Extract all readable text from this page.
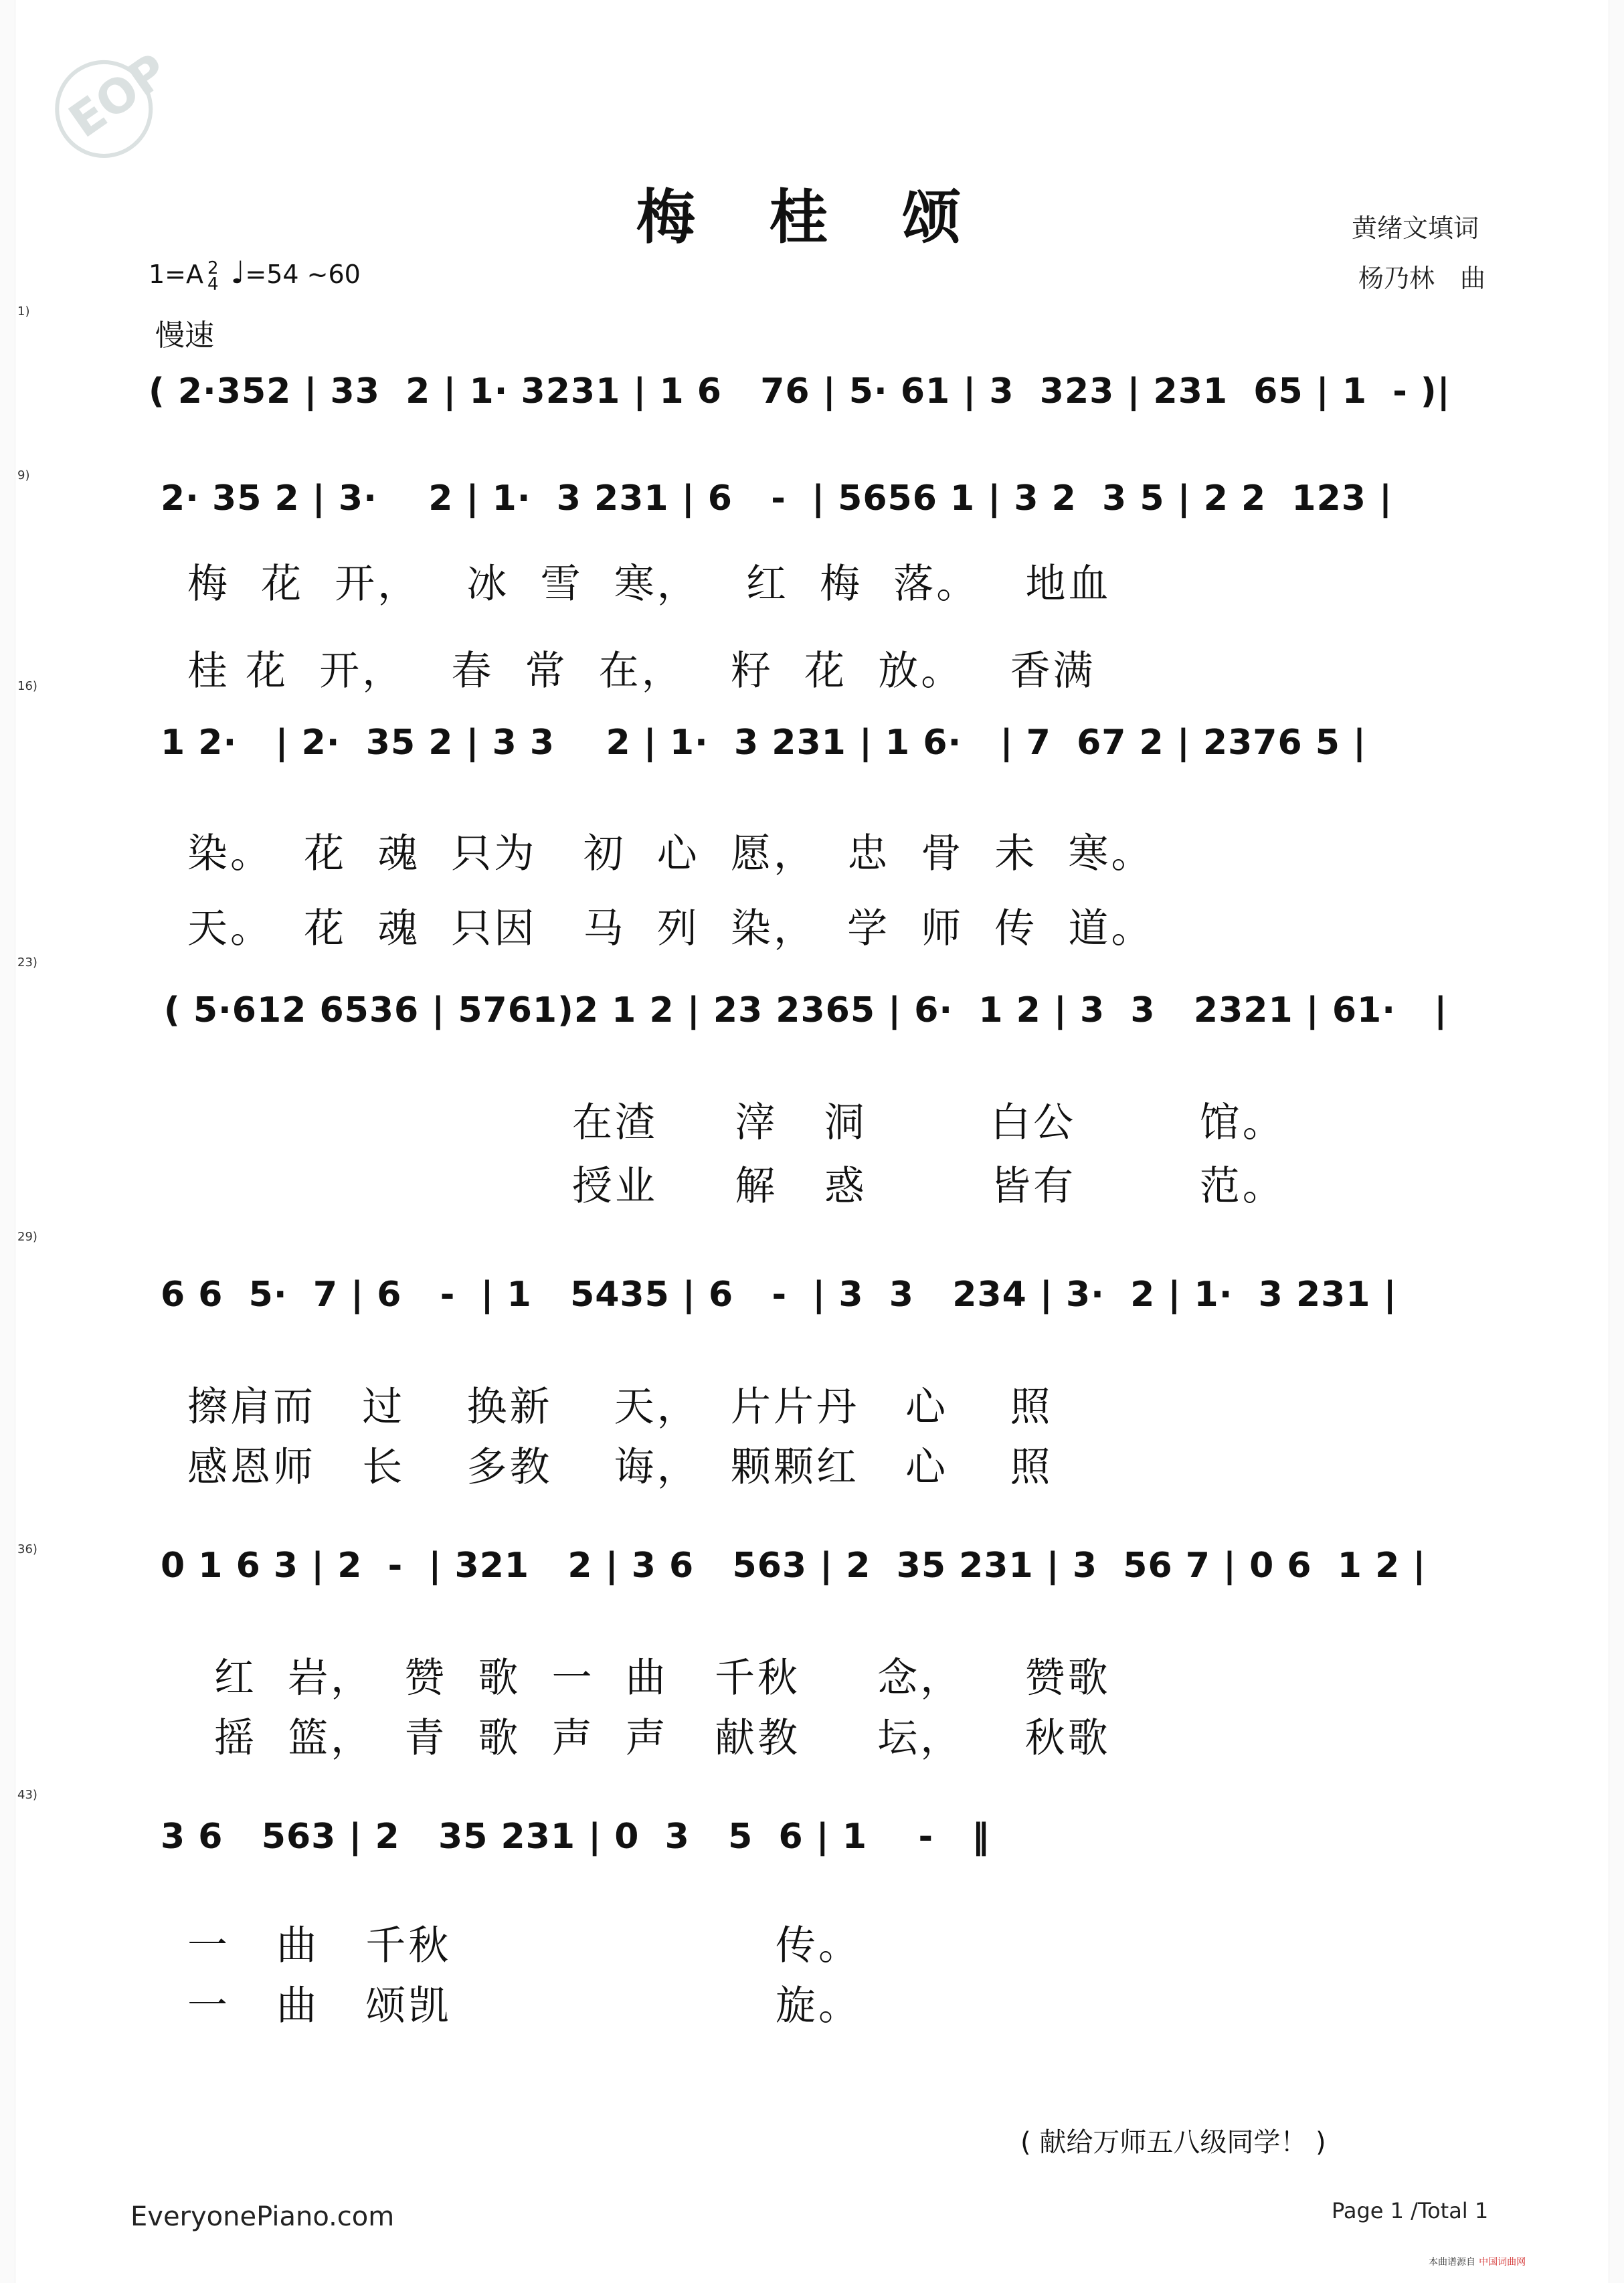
EOP
梅 桂 颂	黄绪文填词
杨乃林　曲
1=A 2
4 ♩=54 ~60
慢速
1)
9)
16)
23)
29)
36)
43)
( 2·352 | 33  2 | 1· 3231 | 1 6   76 | 5· 61 | 3  323 | 231  65 | 1  - )|
2· 35 2 | 3·    2 | 1·  3 231 | 6   -  | 5656 1 | 3 2  3 5 | 2 2  123 |
1 2·   | 2·  35 2 | 3 3    2 | 1·  3 231 | 1 6·   | 7  67 2 | 2376 5 |
( 5·612 6536 | 5761)2 1 2 | 23 2365 | 6·  1 2 | 3  3   2321 | 61·   |
6 6  5·  7 | 6   -  | 1   5435 | 6   -  | 3  3   234 | 3·  2 | 1·  3 231 |
0 1 6 3 | 2  -  | 321   2 | 3 6   563 | 2  35 231 | 3  56 7 | 0 6  1 2 |
3 6   563 | 2   35 231 | 0  3   5  6 | 1    -   ‖
梅  花  开，   冰  雪  寒，   红  梅  落。   地血
桂 花  开，   春  常  在，   籽  花  放。   香满
染。  花  魂  只为   初  心  愿，  忠  骨  未  寒。
天。  花  魂  只因   马  列  染，  学  师  传  道。
在渣     滓   洞        白公        馆。
授业     解   惑        皆有        范。
擦肩而   过    换新    天，  片片丹   心    照
感恩师   长    多教    诲，  颗颗红   心    照
红  岩，  赞  歌  一  曲   千秋     念，    赞歌
摇  篮，  青  歌  声  声   献教     坛，    秋歌
一   曲   千秋                     传。
一   曲   颂凯                     旋。
( 献给万师五八级同学！ )
EveryonePiano.com	Page 1 /Total 1
本曲谱源自 中国词曲网
